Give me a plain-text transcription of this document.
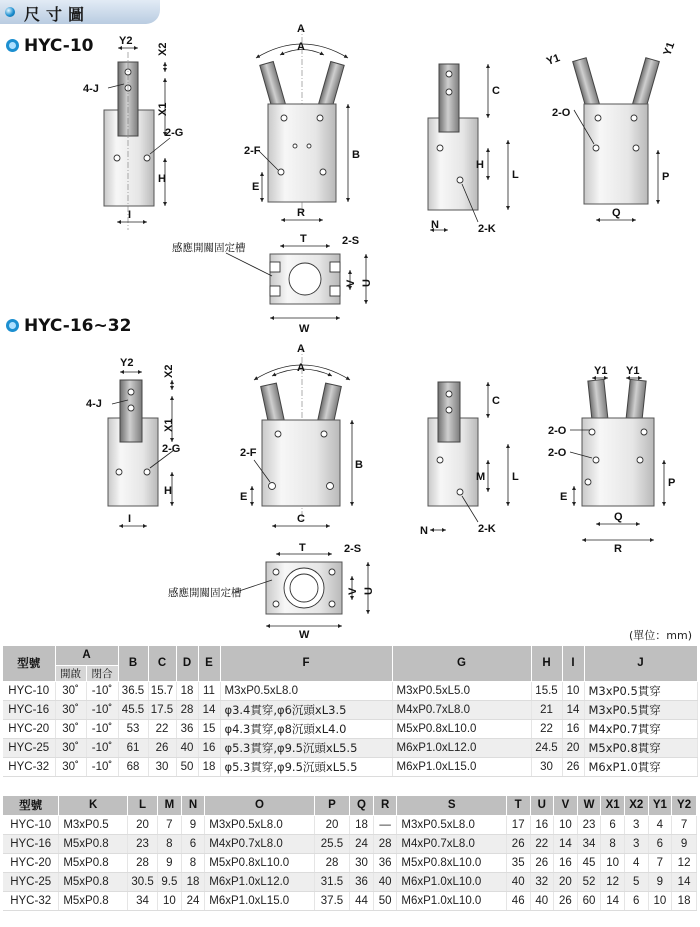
尺寸圖
HYC-10
HYC-16~32
Y2
X2
4-J
X1
2-G
H
I
A
A
2-F	B
E
R
C
H
L
N	2-K
Y1
Y1
2-O
P
Q
T	2-S
V U
W
感應開關固定槽
Y2
X2
4-J
X1
2-G
H
I
A
A
2-F
B
E
C
C
M L
N	2-K
Y1 Y1
2-O
2-O
E
P
Q
R
T	2-S
V U
W
感應開關固定槽
(單位：mm)
型號	A		B	C	D	E	F	G	H	I	J
	開啟	閉合									
HYC-10	30˚	-10˚	36.5	15.7	18	11	M3xP0.5xL8.0	M3xP0.5xL5.0	15.5	10	M3xP0.5貫穿
HYC-16	30˚	-10˚	45.5	17.5	28	14	φ3.4貫穿,φ6沉頭xL3.5	M4xP0.7xL8.0	21	14	M3xP0.5貫穿
HYC-20	30˚	-10˚	53	22	36	15	φ4.3貫穿,φ8沉頭xL4.0	M5xP0.8xL10.0	22	16	M4xP0.7貫穿
HYC-25	30˚	-10˚	61	26	40	16	φ5.3貫穿,φ9.5沉頭xL5.5	M6xP1.0xL12.0	24.5	20	M5xP0.8貫穿
HYC-32	30˚	-10˚	68	30	50	18	φ5.3貫穿,φ9.5沉頭xL5.5	M6xP1.0xL15.0	30	26	M6xP1.0貫穿
型號	K	L	M	N	O	P	Q	R	S	T	U	V	W	X1	X2	Y1	Y2
HYC-10	M3xP0.5	20	7	9	M3xP0.5xL8.0	20	18	—	M3xP0.5xL8.0	17	16	10	23	6	3	4	7
HYC-16	M5xP0.8	23	8	6	M4xP0.7xL8.0	25.5	24	28	M4xP0.7xL8.0	26	22	14	34	8	3	6	9
HYC-20	M5xP0.8	28	9	8	M5xP0.8xL10.0	28	30	36	M5xP0.8xL10.0	35	26	16	45	10	4	7	12
HYC-25	M5xP0.8	30.5	9.5	18	M6xP1.0xL12.0	31.5	36	40	M6xP1.0xL10.0	40	32	20	52	12	5	9	14
HYC-32	M5xP0.8	34	10	24	M6xP1.0xL15.0	37.5	44	50	M6xP1.0xL10.0	46	40	26	60	14	6	10	18
